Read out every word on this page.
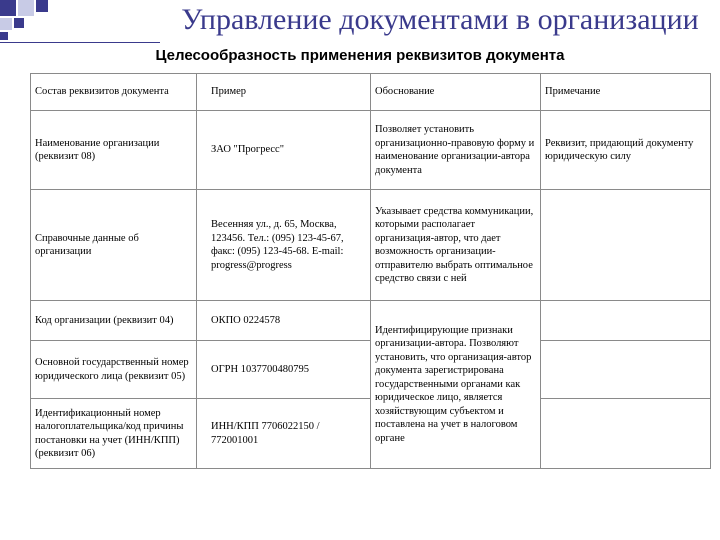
Управление документами в организации
Целесообразность применения реквизитов документа
Состав реквизитов документа	Пример	Обоснование	Примечание
Наименование организации (реквизит 08)	ЗАО "Прогресс"	Позволяет установить организационно-правовую форму и наименование организации-автора документа	Реквизит, придающий документу юридическую силу
Справочные данные об организации	Весенняя ул., д. 65, Москва, 123456. Тел.: (095) 123-45-67, факс: (095) 123-45-68. E-mail: progress@progress	Указывает средства коммуникации, которыми располагает организация-автор, что дает возможность организации-отправителю выбрать оптимальное средство связи с ней	
Код организации (реквизит 04)	ОКПО 0224578	Идентифицирующие признаки организации-автора. Позволяют установить, что организация-автор документа зарегистрирована государственными органами как юридическое лицо, является хозяйствующим субъектом и поставлена на учет в налоговом органе	
Основной государственный номер юридического лица (реквизит 05)	ОГРН 1037700480795		
Идентификационный номер налогоплательщика/код причины постановки на учет (ИНН/КПП) (реквизит 06)	ИНН/КПП 7706022150 / 772001001		
